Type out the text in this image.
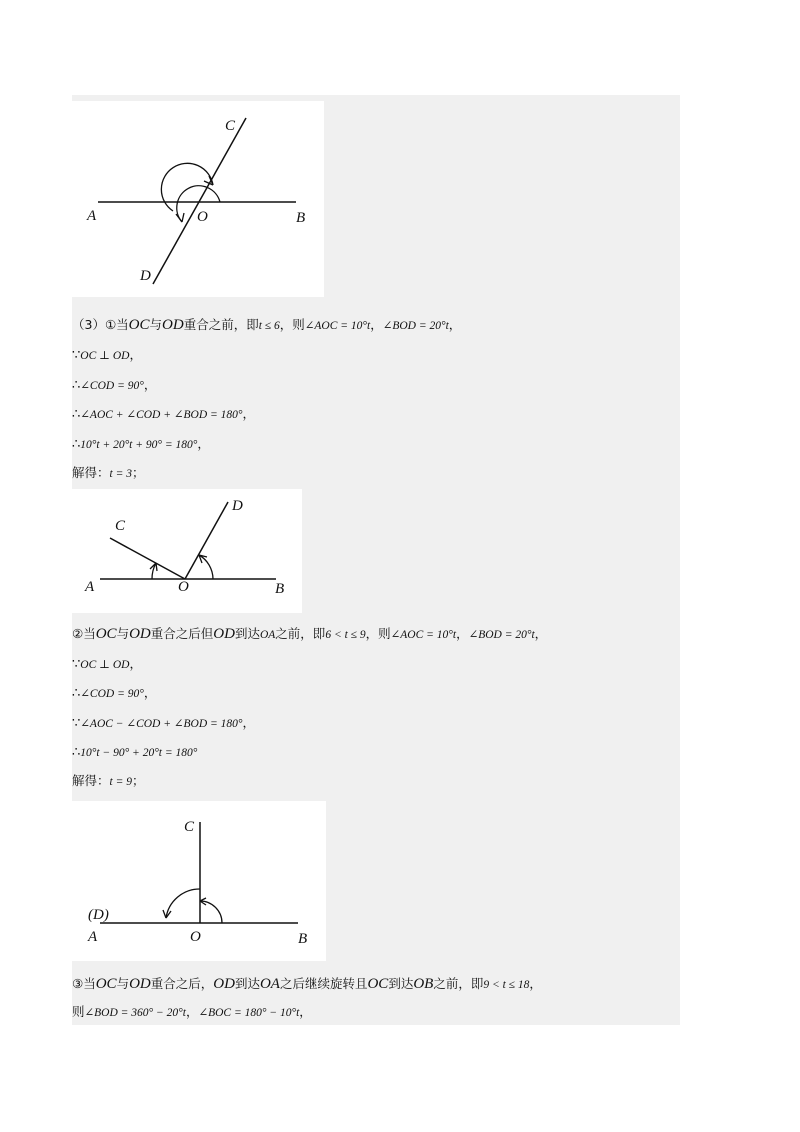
C
A	O	B
D
（3）①当OC与OD重合之前，即t ≤ 6，则∠AOC = 10°t，∠BOD = 20°t，
∵OC ⊥ OD，
∴∠COD = 90°，
∴∠AOC + ∠COD + ∠BOD = 180°，
∴10°t + 20°t + 90° = 180°，
解得：t = 3；
C
D
A	O	B
②当OC与OD重合之后但OD到达OA之前，即6 < t ≤ 9，则∠AOC = 10°t，∠BOD = 20°t，
∵OC ⊥ OD，
∴∠COD = 90°，
∵∠AOC − ∠COD + ∠BOD = 180°，
∴10°t − 90° + 20°t = 180°
解得：t = 9；
C
(D)
A	O	B
③当OC与OD重合之后，OD到达OA之后继续旋转且OC到达OB之前，即9 < t ≤ 18，
则∠BOD = 360° − 20°t，∠BOC = 180° − 10°t，
